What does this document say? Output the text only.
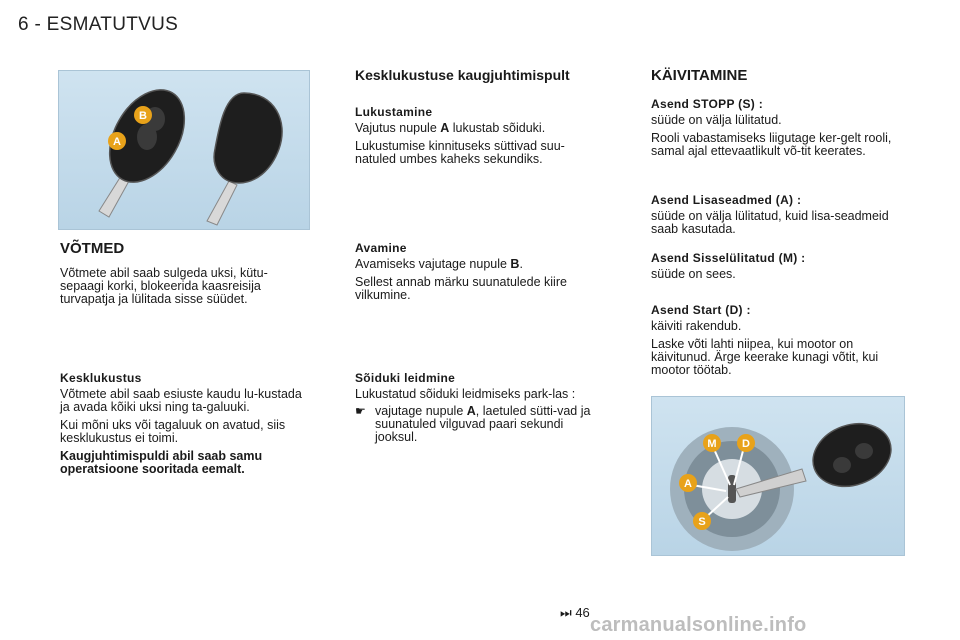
6 - ESMATUTVUS
B
A
VÕTMED

Võtmete abil saab sulgeda uksi, kütu-sepaagi korki, blokeerida kaasreisija turvapatja ja lülitada sisse süüdet.

Kesklukustus

Võtmete abil saab esiuste kaudu lu-kustada ja avada kõiki uksi ning ta-galuuki.

Kui mõni uks või tagaluuk on avatud, siis kesklukustus ei toimi.

Kaugjuhtimispuldi abil saab samu operatsioone sooritada eemalt.

Kesklukustuse kaugjuhtimispult
Lukustamine

Vajutus nupule A lukustab sõiduki.

Lukustumise kinnituseks süttivad suu-natuled umbes kaheks sekundiks.

Avamine

Avamiseks vajutage nupule B.

Sellest annab märku suunatulede kiire vilkumine.

Sõiduki leidmine

Lukustatud sõiduki leidmiseks park-las :

☛ vajutage nupule A, laetuled sütti-vad ja suunatuled vilguvad paari sekundi jooksul.
KÄIVITAMINE
Asend STOPP (S) :

süüde on välja lülitatud.

Rooli vabastamiseks liigutage ker-gelt rooli, samal ajal ettevaatlikult võ-tit keerates.

Asend Lisaseadmed (A) :

süüde on välja lülitatud, kuid lisa-seadmeid saab kasutada.

Asend Sisselülitatud (M) :

süüde on sees.

Asend Start (D) :

käiviti rakendub.

Laske võti lahti niipea, kui mootor on käivitunud. Ärge keerake kunagi võtit, kui mootor töötab.

M D
A
S
⏭ 46
carmanualsonline.info
